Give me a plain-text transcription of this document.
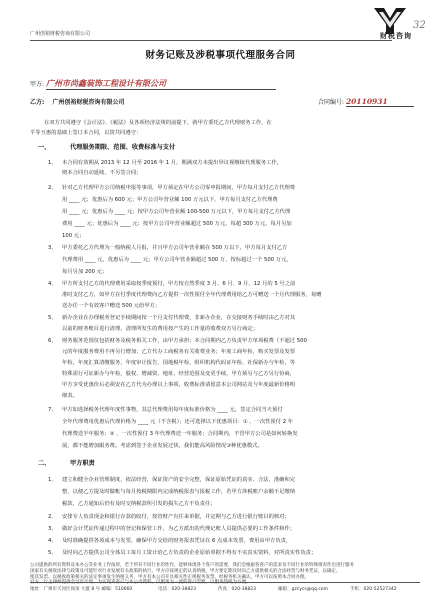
广州创裕财税咨询有限公司	财税咨询
32
财务记账及涉税事项代理服务合同
甲方: 广州市尚鑫装饰工程设计有限公司
乙方: 广州创裕财税咨询有限公司	合同编号: 20110931
在双方共同遵守《会计法》、《税法》及各项经济法规的前提下，就甲方委托乙方代理财务工作，在
平等互惠的基础上签订本合同，以资共同遵守：
一、	代理服务期限、范围、收费标准与支付
1、 本合同有效期从 2013 年 12 月至 2016 年 1 月，期满双方未提出异议视继续代理服务工作，
则本合同自动延续，不另签合同；
2、 针对乙方代理甲方公司纳税申报等事项，甲方须定在甲方公司零申报期间，甲方每月支付乙方代理费
用 ____ 元；优惠后为 600 元；甲方公司年营业额 100 万元以下，甲方每月支付乙方代理费
用 ____ 元；优惠后为 ____ 元；按甲方公司年营业额 100-500 万元以下，甲方每月支付乙方代理
费用 ____ 元；优惠后为 ____ 元；按甲方公司年营业额超过 500 万元，每超 300 万元，每月另加
100 元；
3、 甲方委托乙方代理为一般纳税人月报，并且甲方公司年营业额在 500 万以下，甲方每月支付乙方
代理费用 ____ 元，优惠后为 ____ 元；甲方公司年营业额超过 500 万，按标超过一个 500 万元，
每月另加 200 元；
4、 甲方所支付乙方的代理费用采取按季度预付，甲方按自然季度 3 月、6 月、9 月、12 月的 5 号之前
准时支付乙方，如甲方在付季度代理费向乙方提供一次性预付全年代理费用给乙方可赠送一个月代理服务，每赠
送办任一个有效客户赠送 500 元给甲方；
5、 新办企业在办理税务登记手续期间按一个月支付代理费，非新办企业，在交接财务手续时由乙方对其
以前的财务账目进行清理，清理所发生的费用按产生的工作量的收费双方另行商定；
6、 财务服务范围仅包括财务及税务相关工作，由甲方承担；本合同期内乙方负责甲方单项税费（不超过 500
元的年度服务费用不再另行增加；乙方代办工商税务有关收费业务；年度工商年检，购买发票及发票
年检，年度汇算清缴服务，年度审计报告，国地税年检，组织机构代码证年检，社保新办与年检，等
特殊需行可证新办与年检，股权、增减资、地址、经营范围及变更手续，甲方须另与乙方另行协商，
甲方享受优惠价后必须安在乙方代为办理以上事项，收费标准请留意本公司网站及与年度最新价格明
细表。
7、 甲方如选择税务代理年度性事物，其总代理费用每年度标准价格为 ____ 元，签定合同当天预付
全年代理费用优惠后代理价格为 ____ 元（不含税）；还可选择以下优惠项目：① 、一次性预付 2 年
代理费送半年服务；② 、一次性预付 3 年代理费送一年服务；合同期内，不管甲方公司是如何转换发
展，都不能增加服务费。考虑到签于企业发展过快，我们能高风险情况③种优惠模式。
二、	甲方职责
1、 建立和健全企业管理制度，依法经营，保证资产的安全完整，保证原始凭证的真实、合法、准确和完
整，以便乙方提及时做帐与每月按税期限内完成纳税报表与报税工作，若甲方涉税账户余额不足缴纳
税款，乙方通知后仍有及时交纳税款所引发的损失乙方不负责任；
2、 安排专人负责现金和银行存款的收付，按管财产有往来单据，并定期与乙方进行银行账目的核对；
3、 做好会计凭证传递过程中的登记和保管工作，为乙方派出的代理记账人员提供必要的工作条件和作；
4、 及时准确提供各项成本与发票，确保甲方交给的财务报表凭证在 6 点成本发票，费用由甲方负责，
5、 及时向乙方提供公司全体员工每月工资计给乙方负责的企业原始单据不得有不实真实资料，对所真实性负责；
公司提供的所有资料及本办公等业务工作按原，若于所有不同行业的性作，能够体现各个客户的需要，我们会根据各客户的需求及不同行业的特殊情况作出进行服务
国家有关税收法律与政策及可能针对行业发展有关政策的执行，甲方应按规定的认真纳税，甲方要定期及时向乙方提供相关的合法经营与财务凭证，以确定。
使其发票、以税收政策相关的法定事项发生纳税义务，甲方有本公司开具相关性正规税务发票，经税务机关确认，甲方可以按照本合同办理。
官方、行主律师提供全过有计划、为实现来客户与本公司资料，以服务为一流的客户需要，以服务热线为方便。
地址：广州市天河区岗顶 大厦 8 号 邮编：510660	电话：020-38823	传真：020-38823	邮箱：gzcycs@qq.com	手机：020-52527342
